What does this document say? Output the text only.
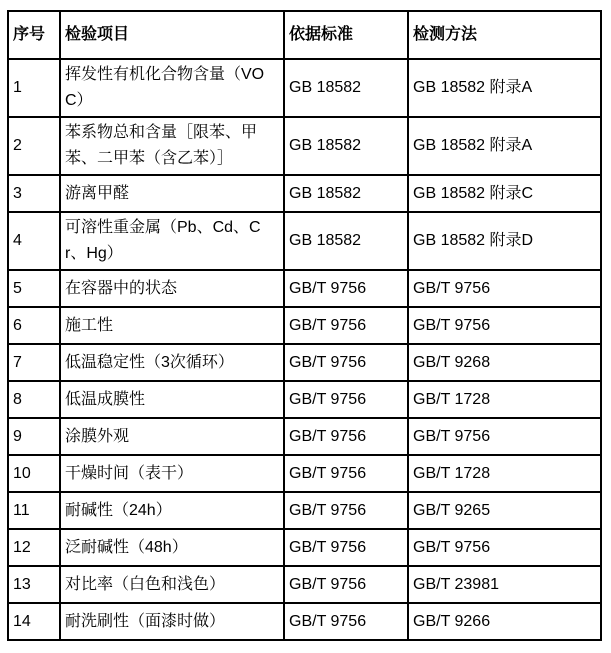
序号	检验项目	依据标准	检测方法
1	挥发性有机化合物含量（VOC）	GB 18582	GB 18582 附录A
2	苯系物总和含量［限苯、甲苯、二甲苯（含乙苯）］	GB 18582	GB 18582 附录A
3	游离甲醛	GB 18582	GB 18582 附录C
4	可溶性重金属（Pb、Cd、Cr、Hg）	GB 18582	GB 18582 附录D
5	在容器中的状态	GB/T 9756	GB/T 9756
6	施工性	GB/T 9756	GB/T 9756
7	低温稳定性（3次循环）	GB/T 9756	GB/T 9268
8	低温成膜性	GB/T 9756	GB/T 1728
9	涂膜外观	GB/T 9756	GB/T 9756
10	干燥时间（表干）	GB/T 9756	GB/T 1728
11	耐碱性（24h）	GB/T 9756	GB/T 9265
12	泛耐碱性（48h）	GB/T 9756	GB/T 9756
13	对比率（白色和浅色）	GB/T 9756	GB/T 23981
14	耐洗刷性（面漆时做）	GB/T 9756	GB/T 9266
